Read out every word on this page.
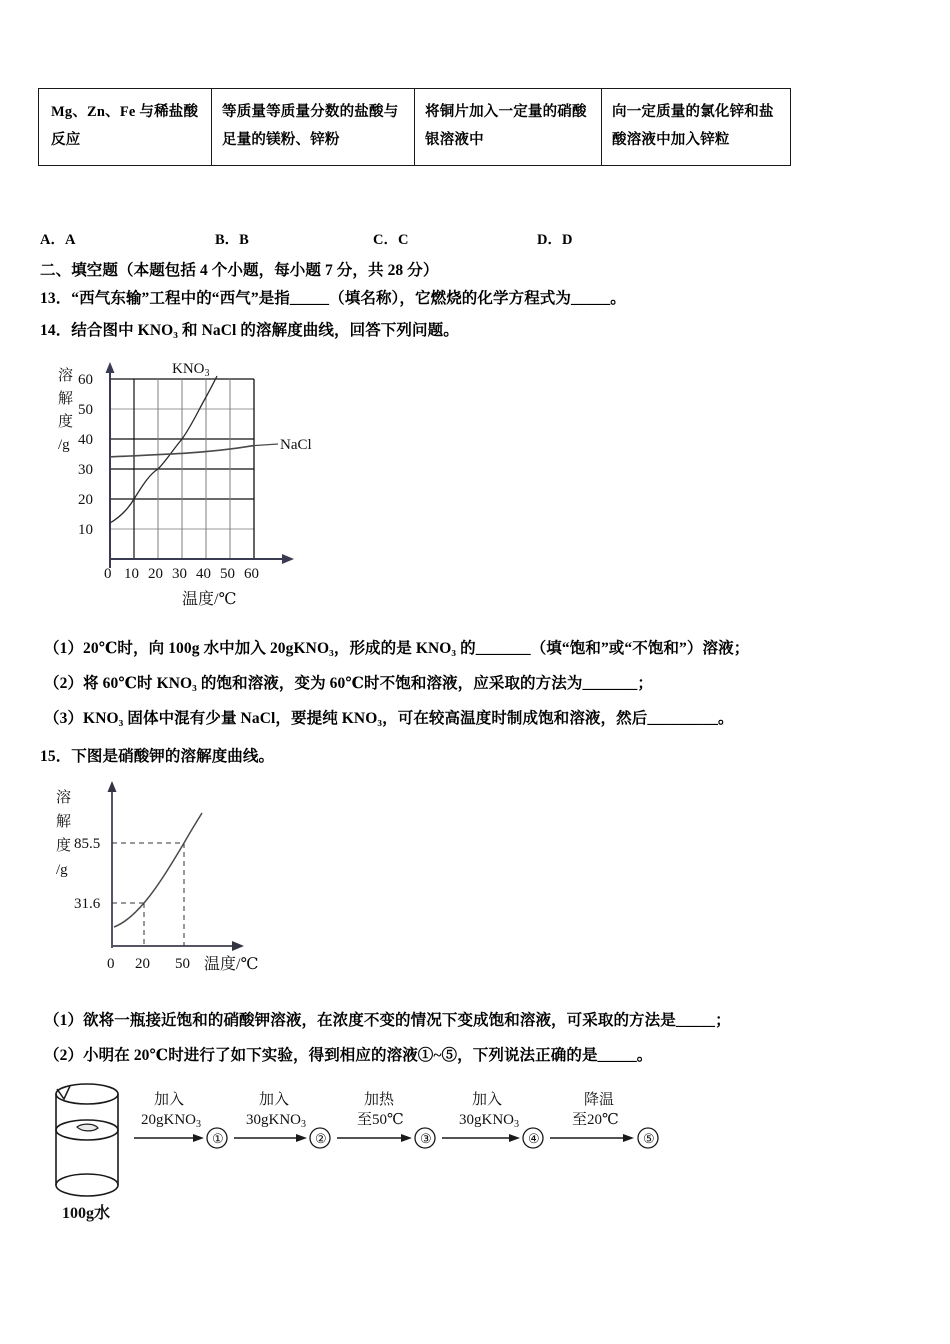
Mg、Zn、Fe 与稀盐酸反应	等质量等质量分数的盐酸与足量的镁粉、锌粉	将铜片加入一定量的硝酸银溶液中	向一定质量的氯化锌和盐酸溶液中加入锌粒
A．A	B．B	C．C	D．D
二、填空题（本题包括 4 个小题，每小题 7 分，共 28 分）
13．“西气东输”工程中的“西气”是指_____（填名称），它燃烧的化学方程式为_____。
14．结合图中 KNO₃ 和 NaCl 的溶解度曲线，回答下列问题。
溶
解
度
/g
60
50
40
30
20
10
$KNO_3$
NaCl
0 10 20 30 40 50 60
温度/℃
（1）20℃时，向 100g 水中加入 20gKNO₃，形成的是 KNO₃ 的_______（填“饱和”或“不饱和”）溶液；
（2）将 60℃时 KNO₃ 的饱和溶液，变为 60℃时不饱和溶液，应采取的方法为_______；
（3）KNO₃ 固体中混有少量 NaCl，要提纯 KNO₃，可在较高温度时制成饱和溶液，然后_________。
15．下图是硝酸钾的溶解度曲线。
溶
解
度
/g
85.5
31.6
0 20 50 温度/℃
（1）欲将一瓶接近饱和的硝酸钾溶液，在浓度不变的情况下变成饱和溶液，可采取的方法是_____；
（2）小明在 20℃时进行了如下实验，得到相应的溶液①~⑤，下列说法正确的是_____。
100g水
加入
20gKNO$_3$
①
加入
30gKNO$_3$
②
加热
至50℃
③
加入
30gKNO$_3$
④
降温
至20℃
⑤
